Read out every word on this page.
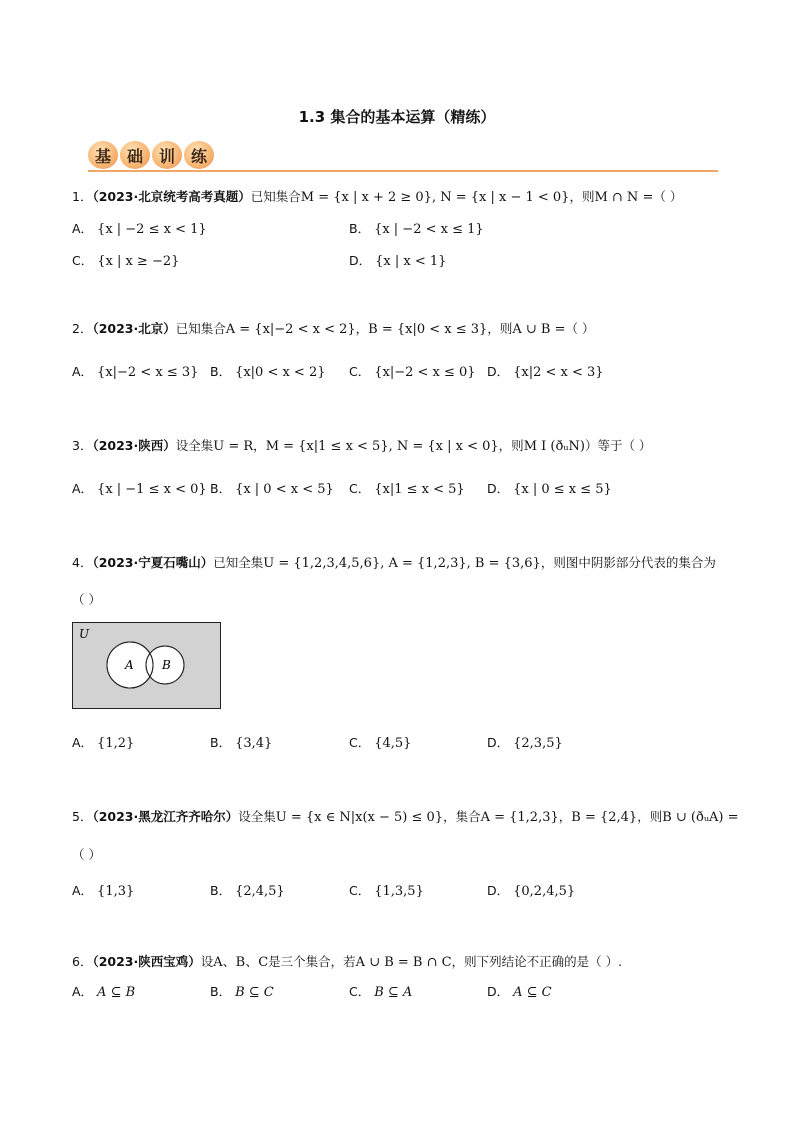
1.3 集合的基本运算（精练）
基 础 训 练
1．（2023·北京统考高考真题）已知集合M = {x | x + 2 ≥ 0}, N = {x | x − 1 < 0}，则M ∩ N =（ ）
A． {x | −2 ≤ x < 1}	B． {x | −2 < x ≤ 1}
C． {x | x ≥ −2}	D． {x | x < 1}
2．（2023·北京）已知集合A = {x|−2 < x < 2}，B = {x|0 < x ≤ 3}，则A ∪ B =（ ）
A． {x|−2 < x ≤ 3} B． {x|0 < x < 2} C． {x|−2 < x ≤ 0} D． {x|2 < x < 3}
3．（2023·陕西）设全集U = R，M = {x|1 ≤ x < 5}, N = {x | x < 0}，则M I (ðᵤN)）等于（ ）
A． {x | −1 ≤ x < 0} B． {x | 0 < x < 5} C． {x|1 ≤ x < 5} D． {x | 0 ≤ x ≤ 5}
4．（2023·宁夏石嘴山）已知全集U = {1,2,3,4,5,6}, A = {1,2,3}, B = {3,6}，则图中阴影部分代表的集合为
（ ）
U
A B
A． {1,2}	B． {3,4}	C． {4,5}	D． {2,3,5}
5．（2023·黑龙江齐齐哈尔）设全集U = {x ∈ N|x(x − 5) ≤ 0}，集合A = {1,2,3}，B = {2,4}，则B ∪ (ðᵤA) =
（ ）
A． {1,3}	B． {2,4,5}	C． {1,3,5}	D． {0,2,4,5}
6．（2023·陕西宝鸡）设A、B、C是三个集合，若A ∪ B = B ∩ C，则下列结论不正确的是（ ）.
A． A ⊆ B	B． B ⊆ C	C． B ⊆ A	D． A ⊆ C
